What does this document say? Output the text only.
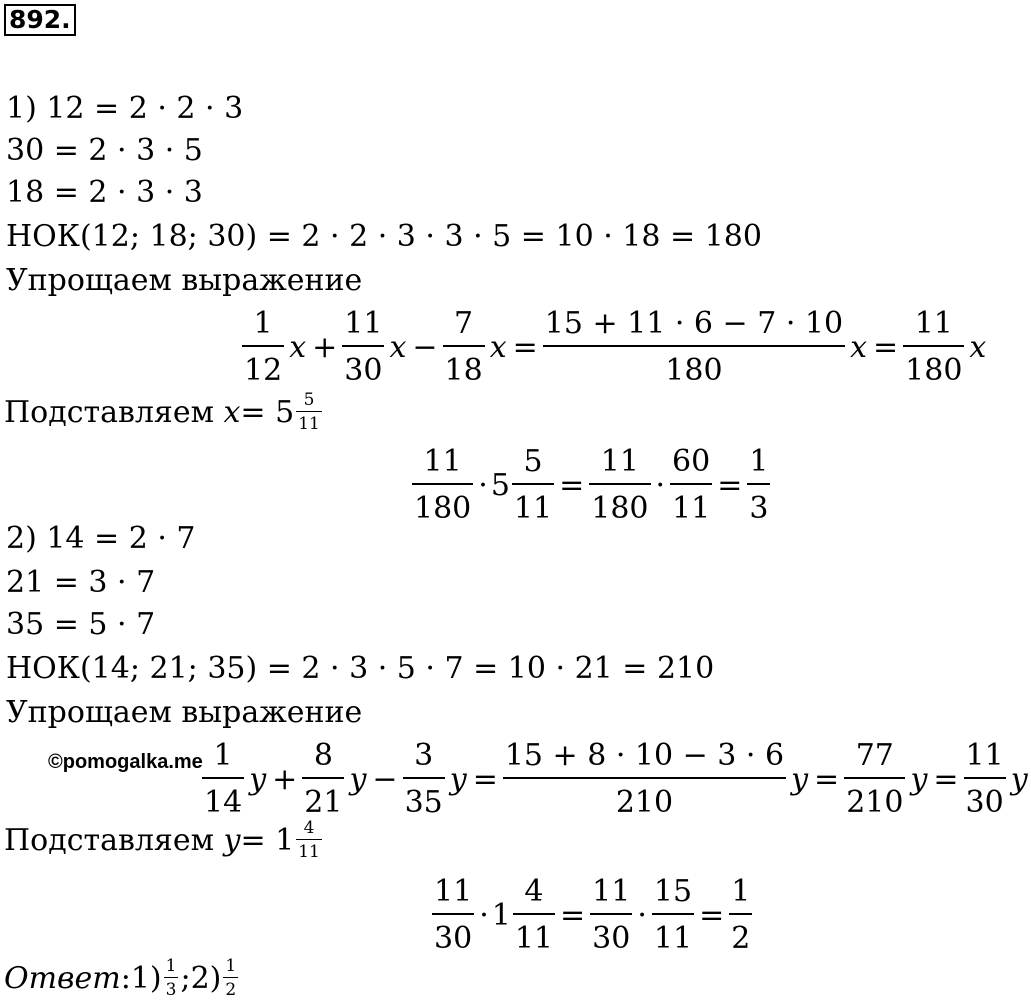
892.
1) 12 = 2 · 2 · 3
30 = 2 · 3 · 5
18 = 2 · 3 · 3
НОК(12; 18; 30) = 2 · 2 · 3 · 3 · 5 = 10 · 18 = 180
Упрощаем выражение
$\frac{1}{12}$ $x + \frac{11}{30}$ $x - \frac{7}{18}$ $x = \frac{15 + 11 \cdot 6 - 7 \cdot 10}{180}$ $x = \frac{11}{180}$ x
Подставляем
$x = 5 \frac{5}{11}$
$\frac{11}{180} \cdot 5 \frac{5}{11} = \frac{11}{180} \cdot \frac{60}{11} = \frac{1}{3}$
2) 14 = 2 · 7
21 = 3 · 7
35 = 5 · 7
НОК(14; 21; 35) = 2 · 3 · 5 · 7 = 10 · 21 = 210
Упрощаем выражение
©pomogalka.me $\frac{1}{14}$ $y + \frac{8}{21}$ $y - \frac{3}{35}$ $y = \frac{15 + 8 \cdot 10 - 3 \cdot 6}{210}$ $y = \frac{77}{210}$ $y = \frac{11}{30}$ y
Подставляем
$y = 1 \frac{4}{11}$
$\frac{11}{30} \cdot 1 \frac{4}{11} = \frac{11}{30} \cdot \frac{15}{11} = \frac{1}{2}$
Ответ : $1) \frac{1}{3}$ ; $2) \frac{1}{2}$
